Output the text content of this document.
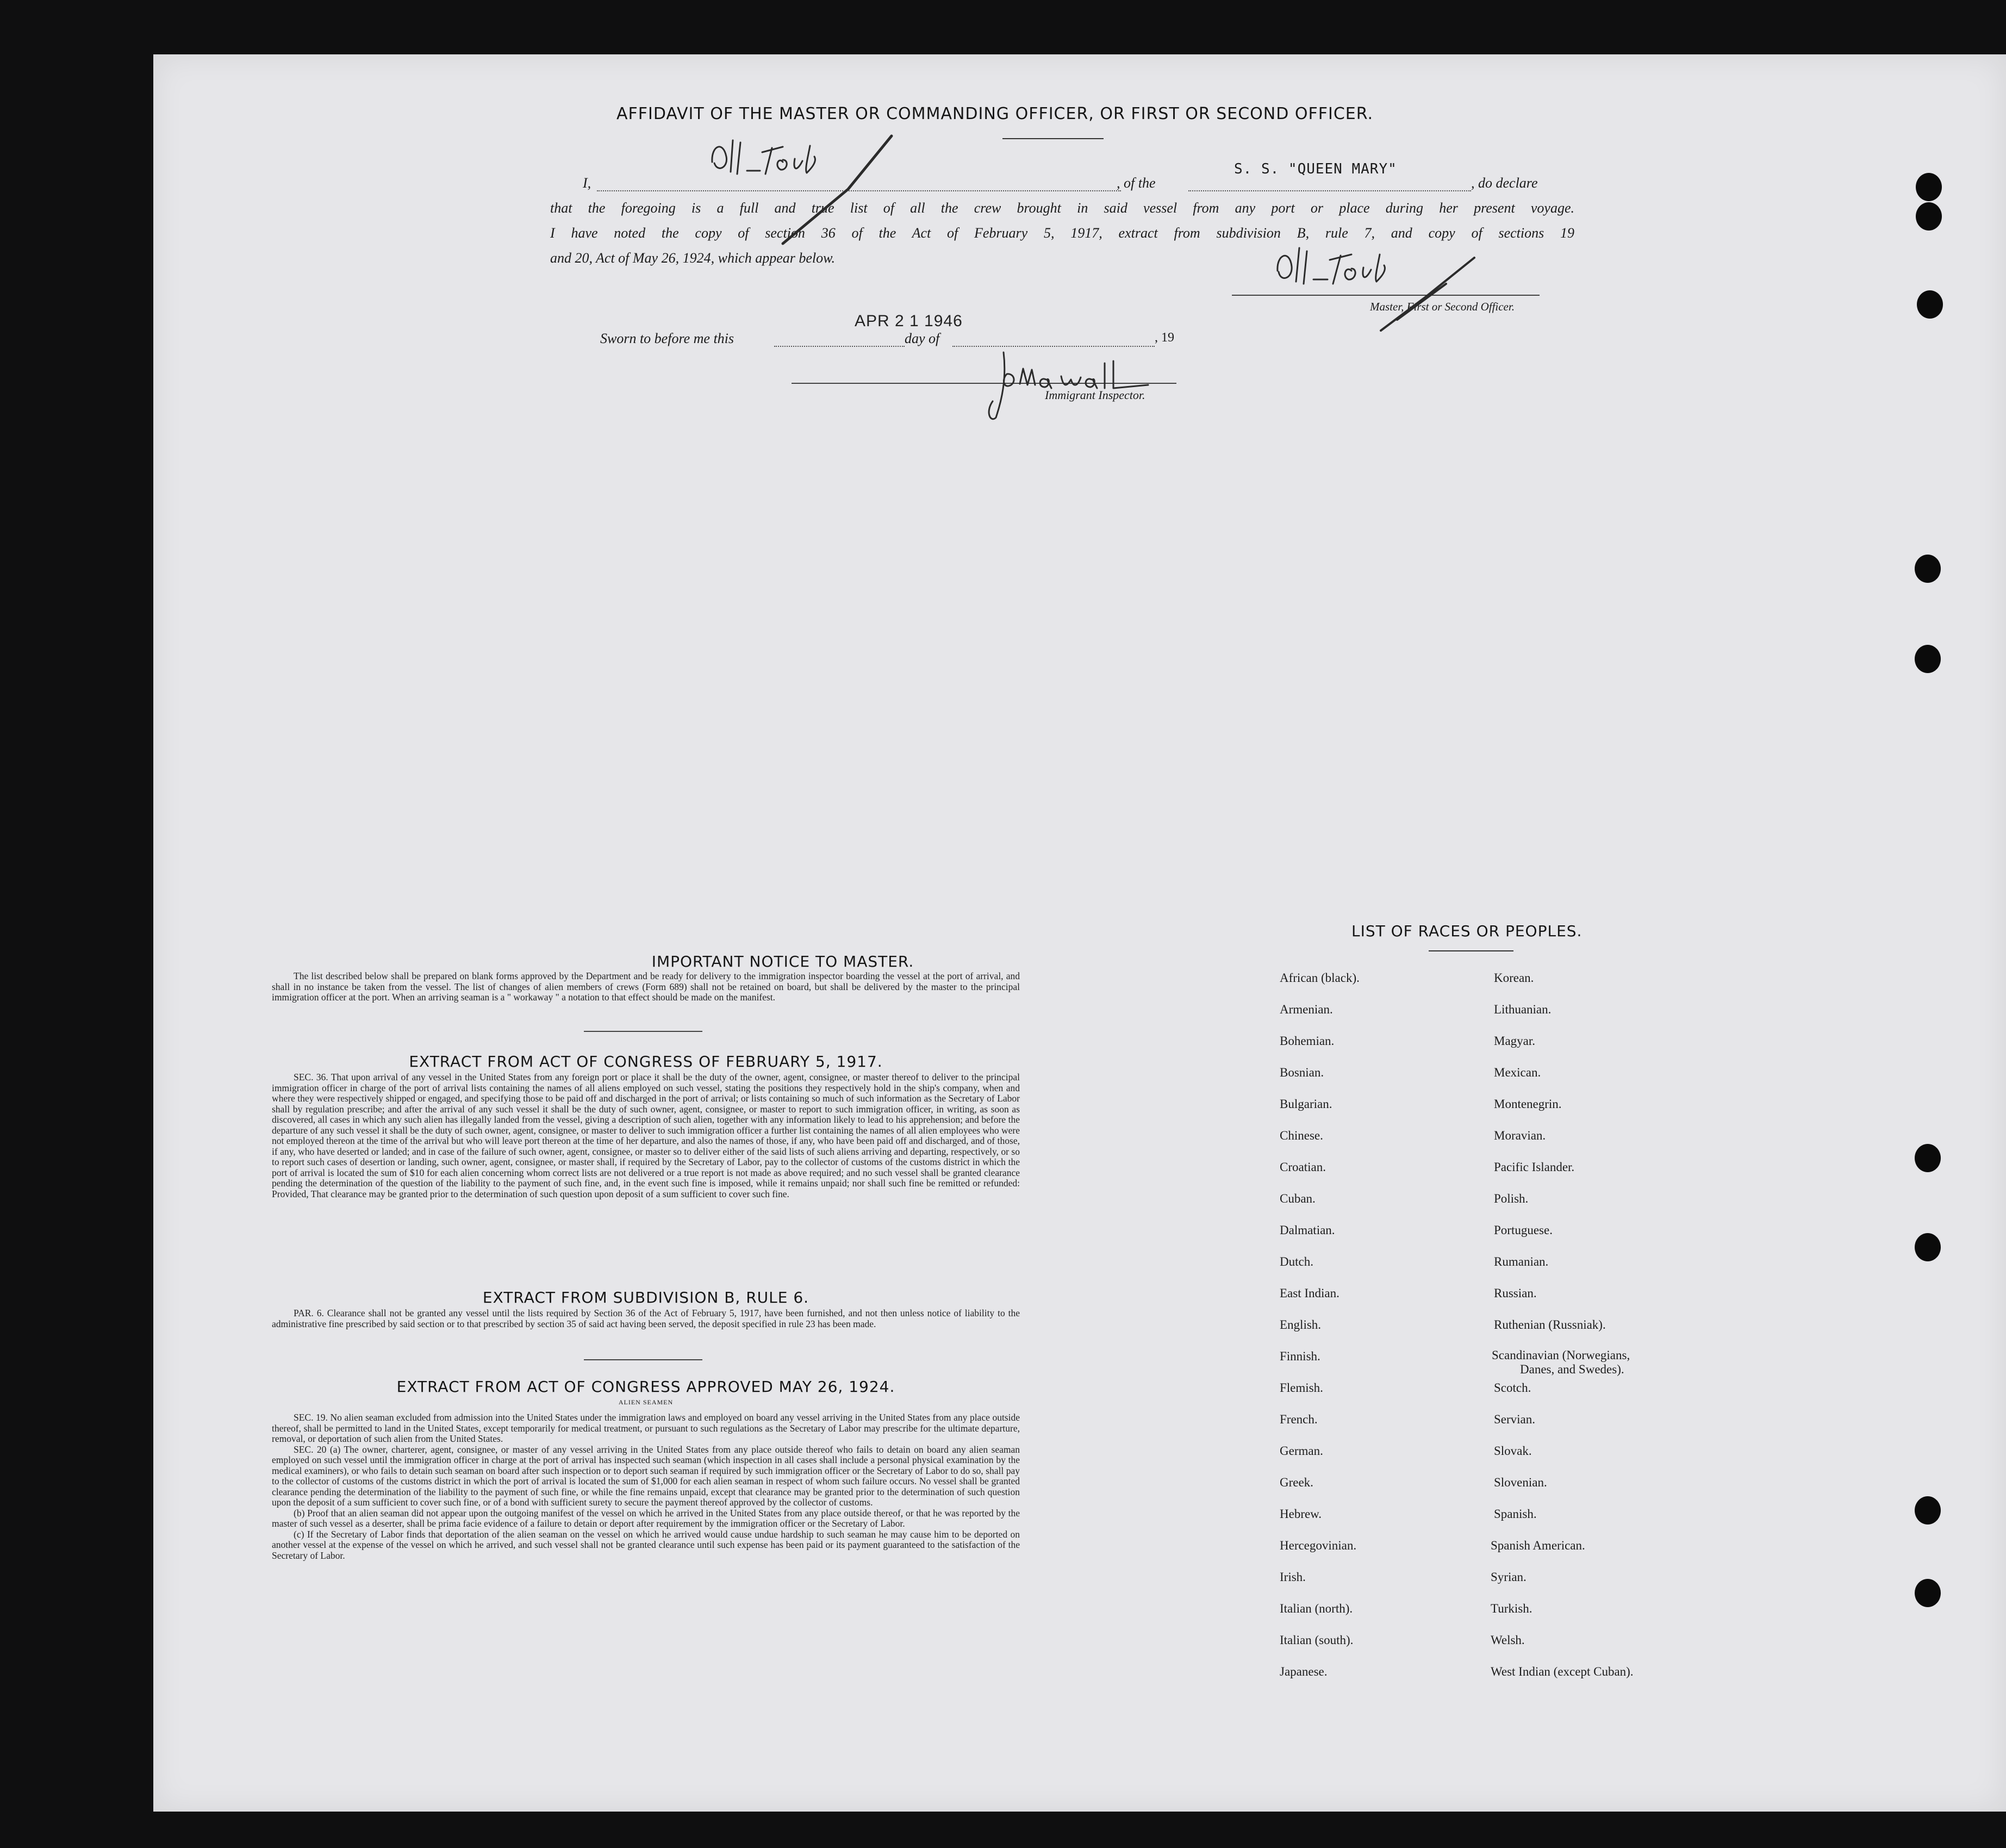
AFFIDAVIT OF THE MASTER OR COMMANDING OFFICER, OR FIRST OR SECOND OFFICER.
I,	, of the
S. S. "QUEEN MARY"
, do declare
that the foregoing is a full and true list of all the crew brought in said vessel from any port or place during her present voyage.
I have noted the copy of section 36 of the Act of February 5, 1917, extract from subdivision B, rule 7, and copy of sections 19
and 20, Act of May 26, 1924, which appear below.
Master, First or Second Officer.
Sworn to before me this
APR 2 1 1946
day of	, 19
Immigrant Inspector.
IMPORTANT NOTICE TO MASTER.

The list described below shall be prepared on blank forms approved by the Department and be ready for delivery to the immigration inspector boarding the vessel at the port of arrival, and shall in no instance be taken from the vessel. The list of changes of alien members of crews (Form 689) shall not be retained on board, but shall be delivered by the master to the principal immigration officer at the port. When an arriving seaman is a " workaway " a notation to that effect should be made on the manifest.

EXTRACT FROM ACT OF CONGRESS OF FEBRUARY 5, 1917.

SEC. 36. That upon arrival of any vessel in the United States from any foreign port or place it shall be the duty of the owner, agent, consignee, or master thereof to deliver to the principal immigration officer in charge of the port of arrival lists containing the names of all aliens employed on such vessel, stating the positions they respectively hold in the ship's company, when and where they were respectively shipped or engaged, and specifying those to be paid off and discharged in the port of arrival; or lists containing so much of such information as the Secretary of Labor shall by regulation prescribe; and after the arrival of any such vessel it shall be the duty of such owner, agent, consignee, or master to report to such immigration officer, in writing, as soon as discovered, all cases in which any such alien has illegally landed from the vessel, giving a description of such alien, together with any information likely to lead to his apprehension; and before the departure of any such vessel it shall be the duty of such owner, agent, consignee, or master to deliver to such immigration officer a further list containing the names of all alien employees who were not employed thereon at the time of the arrival but who will leave port thereon at the time of her departure, and also the names of those, if any, who have been paid off and discharged, and of those, if any, who have deserted or landed; and in case of the failure of such owner, agent, consignee, or master so to deliver either of the said lists of such aliens arriving and departing, respectively, or so to report such cases of desertion or landing, such owner, agent, consignee, or master shall, if required by the Secretary of Labor, pay to the collector of customs of the customs district in which the port of arrival is located the sum of $10 for each alien concerning whom correct lists are not delivered or a true report is not made as above required; and no such vessel shall be granted clearance pending the determination of the question of the liability to the payment of such fine, and, in the event such fine is imposed, while it remains unpaid; nor shall such fine be remitted or refunded: Provided, That clearance may be granted prior to the determination of such question upon deposit of a sum sufficient to cover such fine.

EXTRACT FROM SUBDIVISION B, RULE 6.

PAR. 6. Clearance shall not be granted any vessel until the lists required by Section 36 of the Act of February 5, 1917, have been furnished, and not then unless notice of liability to the administrative fine prescribed by said section or to that prescribed by section 35 of said act having been served, the deposit specified in rule 23 has been made.

EXTRACT FROM ACT OF CONGRESS APPROVED MAY 26, 1924.
ALIEN SEAMEN

SEC. 19. No alien seaman excluded from admission into the United States under the immigration laws and employed on board any vessel arriving in the United States from any place outside thereof, shall be permitted to land in the United States, except temporarily for medical treatment, or pursuant to such regulations as the Secretary of Labor may prescribe for the ultimate departure, removal, or deportation of such alien from the United States.

SEC. 20 (a) The owner, charterer, agent, consignee, or master of any vessel arriving in the United States from any place outside thereof who fails to detain on board any alien seaman employed on such vessel until the immigration officer in charge at the port of arrival has inspected such seaman (which inspection in all cases shall include a personal physical examination by the medical examiners), or who fails to detain such seaman on board after such inspection or to deport such seaman if required by such immigration officer or the Secretary of Labor to do so, shall pay to the collector of customs of the customs district in which the port of arrival is located the sum of $1,000 for each alien seaman in respect of whom such failure occurs. No vessel shall be granted clearance pending the determination of the liability to the payment of such fine, or while the fine remains unpaid, except that clearance may be granted prior to the determination of such question upon the deposit of a sum sufficient to cover such fine, or of a bond with sufficient surety to secure the payment thereof approved by the collector of customs.

(b) Proof that an alien seaman did not appear upon the outgoing manifest of the vessel on which he arrived in the United States from any place outside thereof, or that he was reported by the master of such vessel as a deserter, shall be prima facie evidence of a failure to detain or deport after requirement by the immigration officer or the Secretary of Labor.

(c) If the Secretary of Labor finds that deportation of the alien seaman on the vessel on which he arrived would cause undue hardship to such seaman he may cause him to be deported on another vessel at the expense of the vessel on which he arrived, and such vessel shall not be granted clearance until such expense has been paid or its payment guaranteed to the satisfaction of the Secretary of Labor.

LIST OF RACES OR PEOPLES.
African (black).
Armenian.
Bohemian.
Bosnian.
Bulgarian.
Chinese.
Croatian.
Cuban.
Dalmatian.
Dutch.
East Indian.
English.
Finnish.
Flemish.
French.
German.
Greek.
Hebrew.
Hercegovinian.
Irish.
Italian (north).
Italian (south).
Japanese.
Korean.
Lithuanian.
Magyar.
Mexican.
Montenegrin.
Moravian.
Pacific Islander.
Polish.
Portuguese.
Rumanian.
Russian.
Ruthenian (Russniak).
Scandinavian (Norwegians,
Danes, and Swedes).
Scotch.
Servian.
Slovak.
Slovenian.
Spanish.
Spanish American.
Syrian.
Turkish.
Welsh.
West Indian (except Cuban).
